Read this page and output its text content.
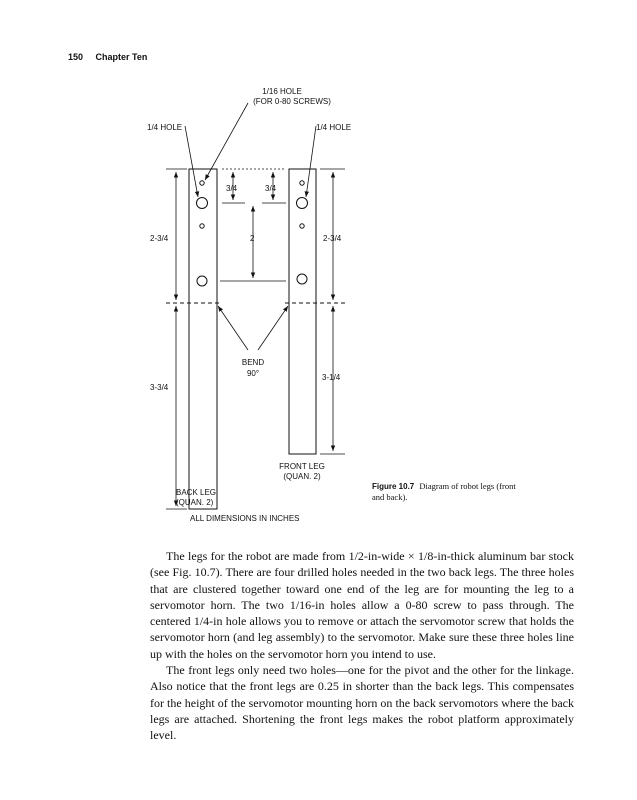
150 Chapter Ten
1/16 HOLE
(FOR 0-80 SCREWS)
1/4 HOLE	1/4 HOLE
3/4	3/4
2-3/4	2	2-3/4
3-3/4
3-1/4
BEND
90°
FRONT LEG
(QUAN. 2)
BACK LEG
(QUAN. 2)
ALL DIMENSIONS IN INCHES
Figure 10.7 Diagram of robot legs (front and back).

The legs for the robot are made from 1/2-in-wide × 1/8-in-thick aluminum bar stock (see Fig. 10.7). There are four drilled holes needed in the two back legs. The three holes that are clustered together toward one end of the leg are for mounting the leg to a servomotor horn. The two 1/16-in holes allow a 0-80 screw to pass through. The centered 1/4-in hole allows you to remove or attach the servomotor screw that holds the servomotor horn (and leg assembly) to the servomotor. Make sure these three holes line up with the holes on the servomotor horn you intend to use.

The front legs only need two holes—one for the pivot and the other for the linkage. Also notice that the front legs are 0.25 in shorter than the back legs. This compensates for the height of the servomotor mounting horn on the back servomotors where the back legs are attached. Shortening the front legs makes the robot platform approximately level.
